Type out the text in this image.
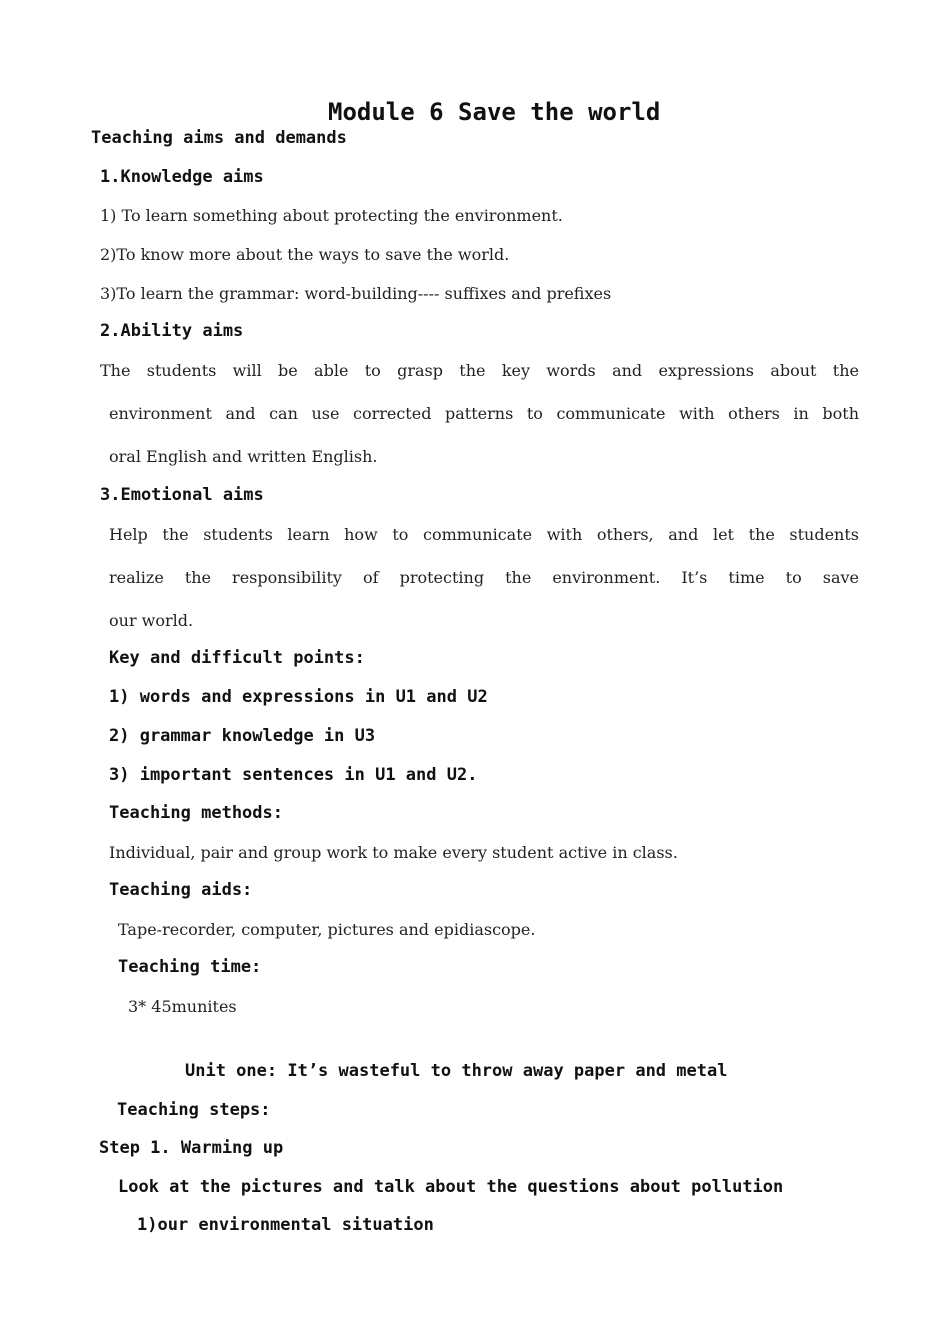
Module 6 Save the world
Teaching aims and demands
1.Knowledge aims
1) To learn something about protecting the environment.
2)To know more about the ways to save the world.
3)To learn the grammar: word-building---- suffixes and prefixes
2.Ability aims
The students will be able to grasp the key words and expressions about the
environment and can use corrected patterns to communicate with others in both
oral English and written English.
3.Emotional aims
Help the students learn how to communicate with others, and let the students
realize the responsibility of protecting the environment. It’s time to save
our world.
Key and difficult points:
1) words and expressions in U1 and U2
2) grammar knowledge in U3
3) important sentences in U1 and U2.
Teaching methods:
Individual, pair and group work to make every student active in class.
Teaching aids:
Tape-recorder, computer, pictures and epidiascope.
Teaching time:
3* 45munites
Unit one: It’s wasteful to throw away paper and metal
Teaching steps:
Step 1. Warming up
Look at the pictures and talk about the questions about pollution
1)our environmental situation
